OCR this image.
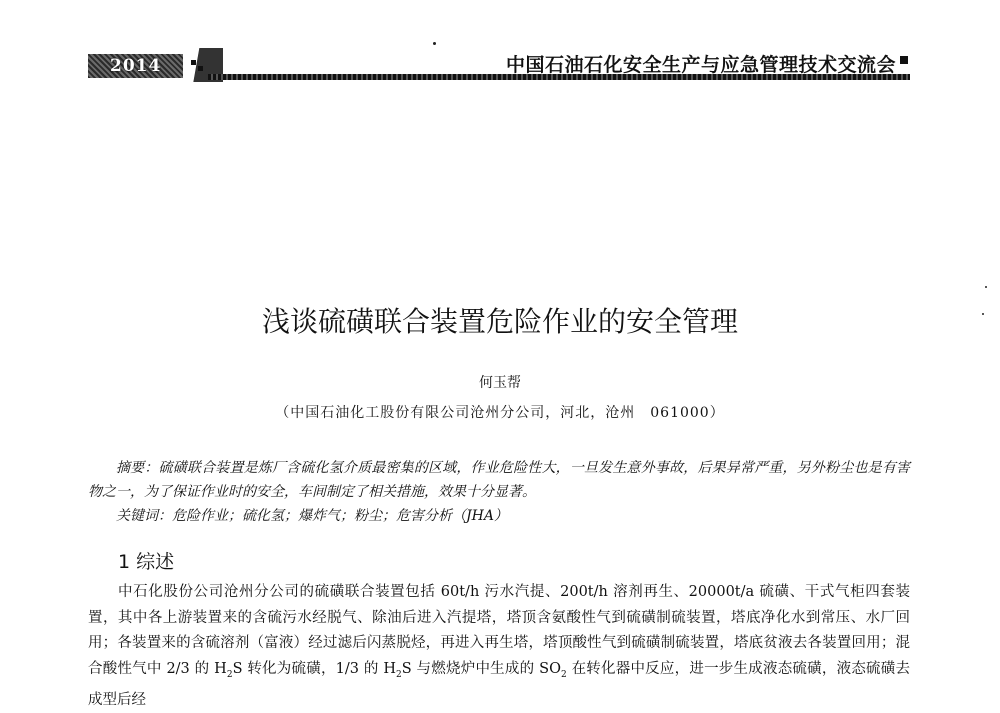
2014	中国石油石化安全生产与应急管理技术交流会
浅谈硫磺联合装置危险作业的安全管理
何玉帮
（中国石油化工股份有限公司沧州分公司，河北，沧州　061000）
摘要：硫磺联合装置是炼厂含硫化氢介质最密集的区域，作业危险性大，一旦发生意外事故，后果异常严重，另外粉尘也是有害物之一，为了保证作业时的安全，车间制定了相关措施，效果十分显著。
关键词：危险作业；硫化氢；爆炸气；粉尘；危害分析（JHA）
1 综述
中石化股份公司沧州分公司的硫磺联合装置包括 60t/h 污水汽提、200t/h 溶剂再生、20000t/a 硫磺、干式气柜四套装置，其中各上游装置来的含硫污水经脱气、除油后进入汽提塔，塔顶含氨酸性气到硫磺制硫装置，塔底净化水到常压、水厂回用；各装置来的含硫溶剂（富液）经过滤后闪蒸脱烃，再进入再生塔，塔顶酸性气到硫磺制硫装置，塔底贫液去各装置回用；混合酸性气中 2/3 的 $H_2S$ 转化为硫磺，1/3 的 $H_2S$ 与燃烧炉中生成的 $SO_2$ 在转化器中反应，进一步生成液态硫磺，液态硫磺去成型后经
